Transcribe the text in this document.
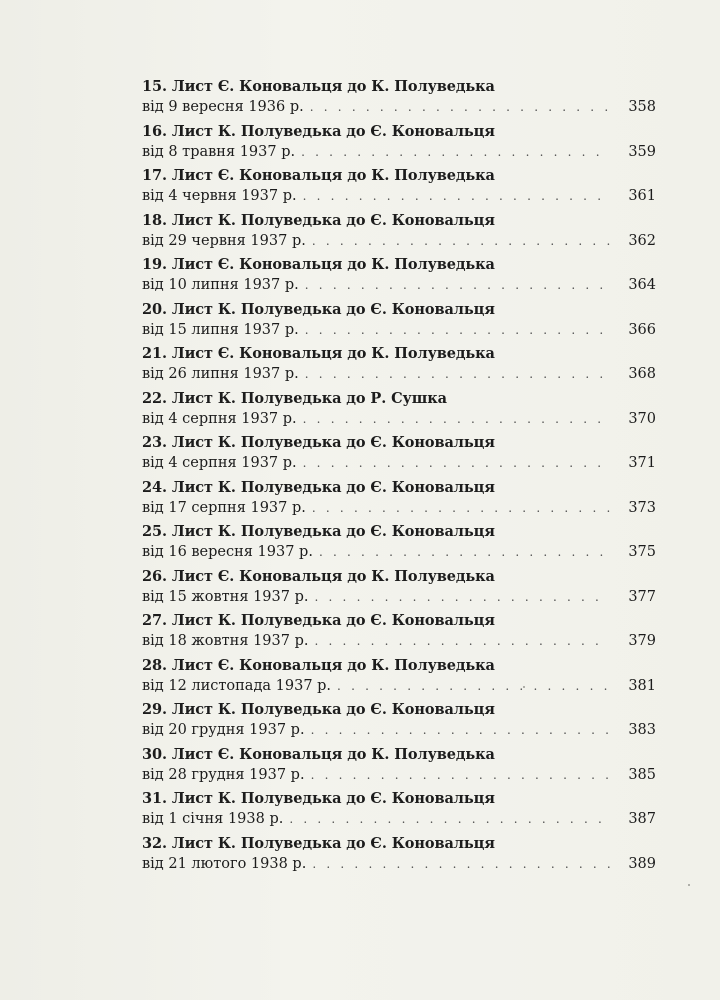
15. Лист Є. Коновальця до К. Полуведька
від 9 вересня 1936 р. . . .	358
16. Лист К. Полуведька до Є. Коновальця
від 8 травня 1937 р. . . .	359
17. Лист Є. Коновальця до К. Полуведька
від 4 червня 1937 р. . . .	361
18. Лист К. Полуведька до Є. Коновальця
від 29 червня 1937 р. . . .	362
19. Лист Є. Коновальця до К. Полуведька
від 10 липня 1937 р. . . .	364
20. Лист К. Полуведька до Є. Коновальця
від 15 липня 1937 р. . . .	366
21. Лист Є. Коновальця до К. Полуведька
від 26 липня 1937 р. . . .	368
22. Лист К. Полуведька до Р. Сушка
від 4 серпня 1937 р. . . .	370
23. Лист К. Полуведька до Є. Коновальця
від 4 серпня 1937 р. . . .	371
24. Лист К. Полуведька до Є. Коновальця
від 17 серпня 1937 р. . . .	373
25. Лист К. Полуведька до Є. Коновальця
від 16 вересня 1937 р. . . .	375
26. Лист Є. Коновальця до К. Полуведька
від 15 жовтня 1937 р. . . .	377
27. Лист К. Полуведька до Є. Коновальця
від 18 жовтня 1937 р. . . .	379
28. Лист Є. Коновальця до К. Полуведька
від 12 листопада 1937 р. . . .	381
29. Лист К. Полуведька до Є. Коновальця
від 20 грудня 1937 р. . . .	383
30. Лист Є. Коновальця до К. Полуведька
від 28 грудня 1937 р. . . .	385
31. Лист К. Полуведька до Є. Коновальця
від 1 січня 1938 р. . . .	387
32. Лист К. Полуведька до Є. Коновальця
від 21 лютого 1938 р. . . .	389
